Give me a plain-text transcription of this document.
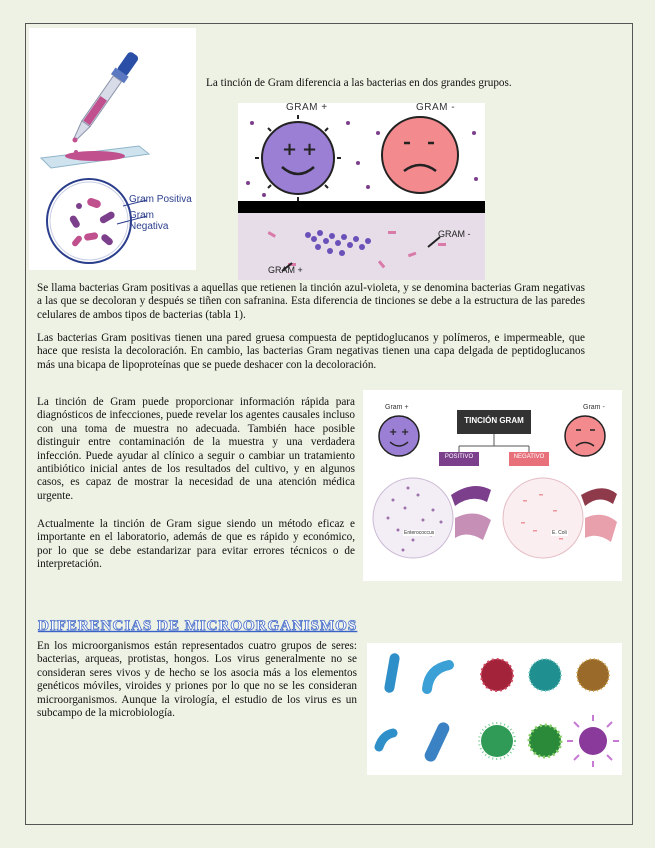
Gram Positiva
Gram Negativa

La tinción de Gram diferencia a las bacterias en dos grandes grupos.

+ +
GRAM +	GRAM -
GRAM -
GRAM +

Se llama bacterias Gram positivas a aquellas que retienen la tinción azul-violeta, y se denomina bacterias Gram negativas a las que se decoloran y después se tiñen con safranina. Esta diferencia de tinciones se debe a la estructura de las paredes celulares de ambos tipos de bacterias (tabla 1).

Las bacterias Gram positivas tienen una pared gruesa compuesta de peptidoglucanos y polímeros, e impermeable, que hace que resista la decoloración. En cambio, las bacterias Gram negativas tienen una capa delgada de peptidoglucanos más una bicapa de lipoproteínas que se puede deshacer con la decoloración.

La tinción de Gram puede proporcionar información rápida para diagnósticos de infecciones, puede revelar los agentes causales incluso con una toma de muestra no adecuada. También hace posible distinguir entre contaminación de la muestra y una verdadera infección. Puede ayudar al clínico a seguir o cambiar un tratamiento antibiótico inicial antes de los resultados del cultivo, y en algunos casos, es capaz de mostrar la necesidad de una atención médica urgente.

Actualmente la tinción de Gram sigue siendo un método eficaz e importante en el laboratorio, además de que es rápido y económico, por lo que se debe estandarizar para evitar errores técnicos o de interpretación.

+ +
Gram +	Gram -
TINCIÓN GRAM
POSITIVO	NEGATIVO
Enterococcus	E. Coli
DIFERENCIAS DE MICROORGANISMOS

En los microorganismos están representados cuatro grupos de seres: bacterias, arqueas, protistas, hongos. Los virus generalmente no se consideran seres vivos y de hecho se los asocia más a los elementos genéticos móviles, viroides y priones por lo que no se les consideran microorganismos. Aunque la virología, el estudio de los virus es un subcampo de la microbiología.
